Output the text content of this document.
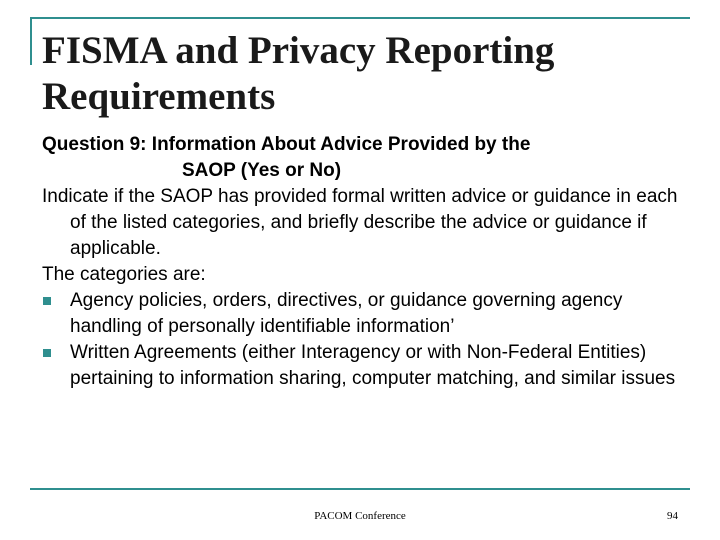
FISMA and Privacy Reporting Requirements

Question 9: Information About Advice Provided by the
SAOP (Yes or No)

Indicate if the SAOP has provided formal written advice or guidance in each of the listed categories, and briefly describe the advice or guidance if applicable.

The categories are:

Agency policies, orders, directives, or guidance governing agency handling of personally identifiable information’
Written Agreements (either Interagency or with Non-Federal Entities) pertaining to information sharing, computer matching, and similar issues
PACOM Conference	94
